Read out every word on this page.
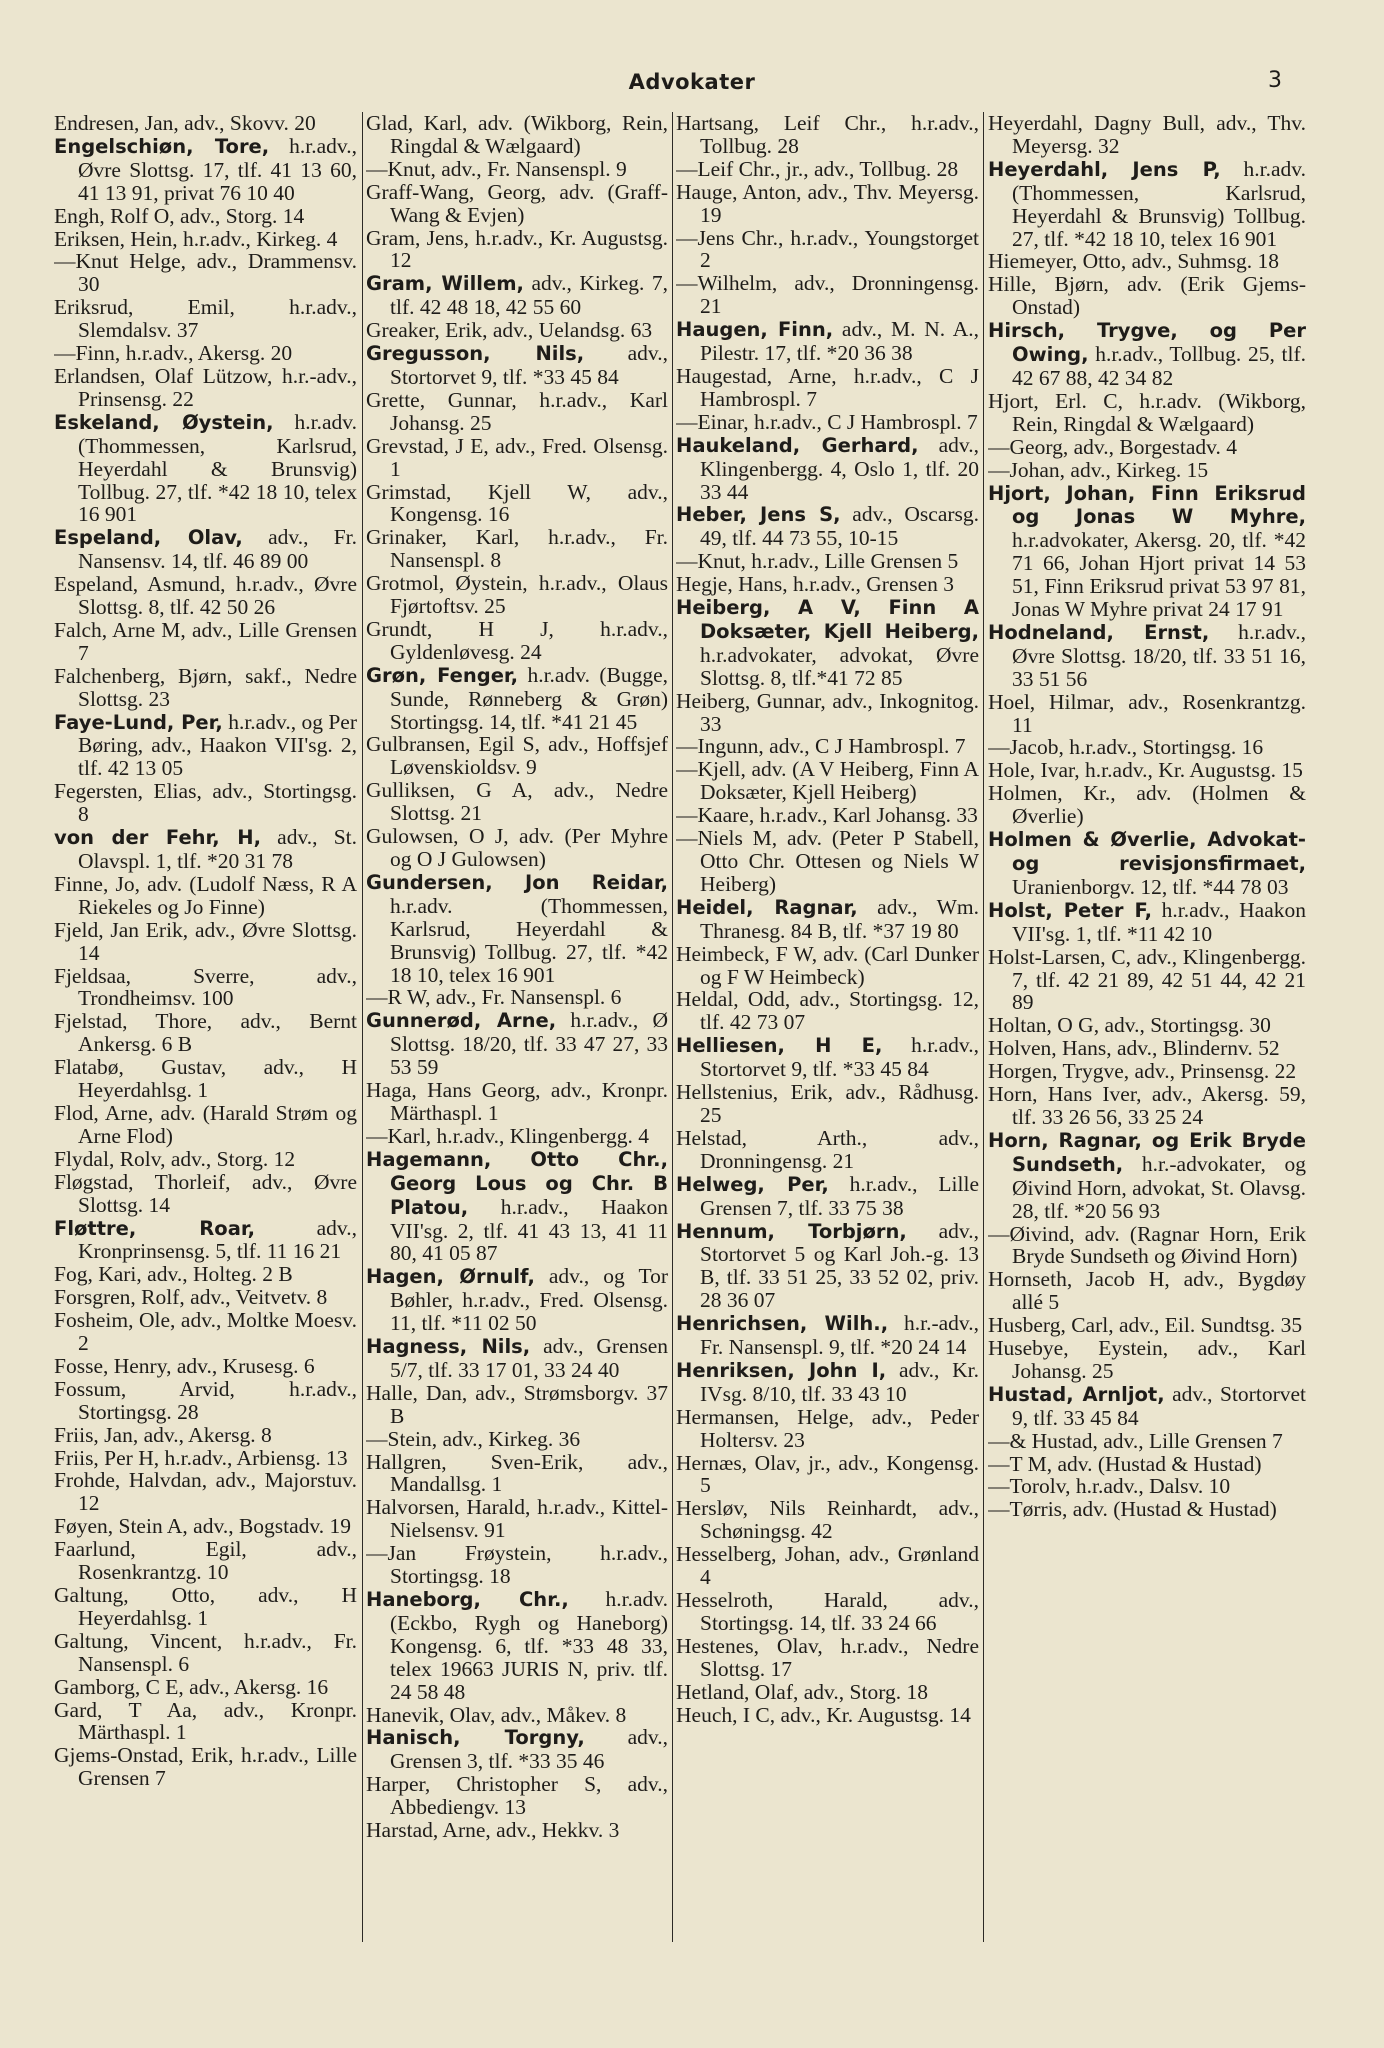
Advokater	3
Endresen, Jan, adv., Skovv. 20
Engelschiøn, Tore, h.r.adv., Øvre Slottsg. 17, tlf. 41 13 60, 41 13 91, privat 76 10 40
Engh, Rolf O, adv., Storg. 14
Eriksen, Hein, h.r.adv., Kirkeg. 4
—Knut Helge, adv., Drammensv. 30
Eriksrud, Emil,	h.r.adv., Slemdalsv. 37
—Finn, h.r.adv., Akersg. 20
Erlandsen, Olaf Lützow, h.r.-adv., Prinsensg. 22
Eskeland, Øystein, h.r.adv. (Thommessen, Karlsrud, Heyerdahl & Brunsvig) Tollbug. 27, tlf. *42 18 10, telex 16 901
Espeland, Olav, adv., Fr. Nansensv. 14, tlf. 46 89 00
Espeland, Asmund, h.r.adv., Øvre Slottsg. 8, tlf. 42 50 26
Falch, Arne M, adv., Lille Grensen 7
Falchenberg, Bjørn, sakf., Nedre Slottsg. 23
Faye-Lund, Per, h.r.adv., og Per Børing, adv., Haakon VII'sg. 2, tlf. 42 13 05
Fegersten, Elias, adv., Stortingsg. 8
von der Fehr, H, adv., St. Olavspl. 1, tlf. *20 31 78
Finne, Jo, adv. (Ludolf Næss, R A Riekeles og Jo Finne)
Fjeld, Jan Erik, adv., Øvre Slottsg. 14
Fjeldsaa, Sverre,	adv., Trondheimsv. 100
Fjelstad, Thore, adv., Bernt Ankersg. 6 B
Flatabø, Gustav, adv., H Heyerdahlsg. 1
Flod, Arne, adv. (Harald Strøm og Arne Flod)
Flydal, Rolv, adv., Storg. 12
Fløgstad, Thorleif, adv., Øvre Slottsg. 14
Fløttre, Roar,	adv., Kronprinsensg. 5, tlf. 11 16 21
Fog, Kari, adv., Holteg. 2 B
Forsgren, Rolf, adv., Veitvetv. 8
Fosheim, Ole, adv., Moltke Moesv. 2
Fosse, Henry, adv., Krusesg. 6
Fossum, Arvid,	h.r.adv., Stortingsg. 28
Friis, Jan, adv., Akersg. 8
Friis, Per H, h.r.adv., Arbiensg. 13
Frohde, Halvdan, adv., Majorstuv. 12
Føyen, Stein A, adv., Bogstadv. 19
Faarlund, Egil,	adv., Rosenkrantzg. 10
Galtung, Otto, adv., H Heyerdahlsg. 1
Galtung, Vincent, h.r.adv., Fr. Nansenspl. 6
Gamborg, C E, adv., Akersg. 16
Gard, T Aa, adv., Kronpr. Märthaspl. 1
Gjems-Onstad, Erik, h.r.adv., Lille Grensen 7
Glad, Karl, adv. (Wikborg, Rein, Ringdal & Wælgaard)
—Knut, adv., Fr. Nansenspl. 9
Graff-Wang, Georg, adv. (Graff-Wang & Evjen)
Gram, Jens, h.r.adv., Kr. Augustsg. 12
Gram, Willem, adv., Kirkeg. 7, tlf. 42 48 18, 42 55 60
Greaker, Erik, adv., Uelandsg. 63
Gregusson, Nils, adv., Stortorvet 9, tlf. *33 45 84
Grette, Gunnar, h.r.adv., Karl Johansg. 25
Grevstad, J E, adv., Fred. Olsensg. 1
Grimstad, Kjell W, adv., Kongensg. 16
Grinaker, Karl, h.r.adv., Fr. Nansenspl. 8
Grotmol, Øystein, h.r.adv., Olaus Fjørtoftsv. 25
Grundt, H J, h.r.adv., Gyldenløvesg. 24
Grøn, Fenger, h.r.adv. (Bugge, Sunde, Rønneberg & Grøn) Stortingsg. 14, tlf. *41 21 45
Gulbransen, Egil S, adv., Hoffsjef Løvenskioldsv. 9
Gulliksen, G A, adv., Nedre Slottsg. 21
Gulowsen, O J, adv. (Per Myhre og O J Gulowsen)
Gundersen, Jon Reidar, h.r.adv. (Thommessen, Karlsrud, Heyerdahl & Brunsvig) Tollbug. 27, tlf. *42 18 10, telex 16 901
—R W, adv., Fr. Nansenspl. 6
Gunnerød, Arne, h.r.adv., Ø Slottsg. 18/20, tlf. 33 47 27, 33 53 59
Haga, Hans Georg, adv., Kronpr. Märthaspl. 1
—Karl, h.r.adv., Klingenbergg. 4
Hagemann, Otto Chr., Georg Lous og Chr. B Platou, h.r.adv., Haakon VII'sg. 2, tlf. 41 43 13, 41 11 80, 41 05 87
Hagen, Ørnulf, adv., og Tor Bøhler, h.r.adv., Fred. Olsensg. 11, tlf. *11 02 50
Hagness, Nils, adv., Grensen 5/7, tlf. 33 17 01, 33 24 40
Halle, Dan, adv., Strømsborgv. 37 B
—Stein, adv., Kirkeg. 36
Hallgren, Sven-Erik, adv., Mandallsg. 1
Halvorsen, Harald, h.r.adv., Kittel-Nielsensv. 91
—Jan Frøystein, h.r.adv., Stortingsg. 18
Haneborg, Chr., h.r.adv. (Eckbo, Rygh og Haneborg) Kongensg. 6, tlf. *33 48 33, telex 19663 JURIS N, priv. tlf. 24 58 48
Hanevik, Olav, adv., Måkev. 8
Hanisch, Torgny, adv., Grensen 3, tlf. *33 35 46
Harper, Christopher S, adv., Abbediengv. 13
Harstad, Arne, adv., Hekkv. 3
Hartsang, Leif Chr., h.r.adv., Tollbug. 28
—Leif Chr., jr., adv., Tollbug. 28
Hauge, Anton, adv., Thv. Meyersg. 19
—Jens Chr., h.r.adv., Youngstorget 2
—Wilhelm, adv., Dronningensg. 21
Haugen, Finn, adv., M. N. A., Pilestr. 17, tlf. *20 36 38
Haugestad, Arne, h.r.adv., C J Hambrospl. 7
—Einar, h.r.adv., C J Hambrospl. 7
Haukeland, Gerhard, adv., Klingenbergg. 4, Oslo 1, tlf. 20 33 44
Heber, Jens S, adv., Oscarsg. 49, tlf. 44 73 55, 10-15
—Knut, h.r.adv., Lille Grensen 5
Hegje, Hans, h.r.adv., Grensen 3
Heiberg, A V, Finn A Doksæter, Kjell Heiberg, h.r.advokater, advokat, Øvre Slottsg. 8, tlf.*41 72 85
Heiberg, Gunnar, adv., Inkognitog. 33
—Ingunn, adv., C J Hambrospl. 7
—Kjell, adv. (A V Heiberg, Finn A Doksæter, Kjell Heiberg)
—Kaare, h.r.adv., Karl Johansg. 33
—Niels M, adv. (Peter P Stabell, Otto Chr. Ottesen og Niels W Heiberg)
Heidel, Ragnar, adv., Wm. Thranesg. 84 B, tlf. *37 19 80
Heimbeck, F W, adv. (Carl Dunker og F W Heimbeck)
Heldal, Odd, adv., Stortingsg. 12, tlf. 42 73 07
Helliesen, H E, h.r.adv., Stortorvet 9, tlf. *33 45 84
Hellstenius, Erik, adv., Rådhusg. 25
Helstad, Arth.,	adv., Dronningensg. 21
Helweg, Per, h.r.adv., Lille Grensen 7, tlf. 33 75 38
Hennum, Torbjørn, adv., Stortorvet 5 og Karl Joh.-g. 13 B, tlf. 33 51 25, 33 52 02, priv. 28 36 07
Henrichsen, Wilh., h.r.-adv., Fr. Nansenspl. 9, tlf. *20 24 14
Henriksen, John I, adv., Kr. IVsg. 8/10, tlf. 33 43 10
Hermansen, Helge, adv., Peder Holtersv. 23
Hernæs, Olav, jr., adv., Kongensg. 5
Hersløv, Nils Reinhardt, adv., Schøningsg. 42
Hesselberg, Johan, adv., Grønland 4
Hesselroth, Harald, adv., Stortingsg. 14, tlf. 33 24 66
Hestenes, Olav, h.r.adv., Nedre Slottsg. 17
Hetland, Olaf, adv., Storg. 18
Heuch, I C, adv., Kr. Augustsg. 14
Heyerdahl, Dagny Bull, adv., Thv. Meyersg. 32
Heyerdahl, Jens P, h.r.adv. (Thommessen, Karlsrud, Heyerdahl & Brunsvig) Tollbug. 27, tlf. *42 18 10, telex 16 901
Hiemeyer, Otto, adv., Suhmsg. 18
Hille, Bjørn, adv. (Erik Gjems-Onstad)
Hirsch, Trygve, og Per Owing, h.r.adv., Tollbug. 25, tlf. 42 67 88, 42 34 82
Hjort, Erl. C, h.r.adv. (Wikborg, Rein, Ringdal & Wælgaard)
—Georg, adv., Borgestadv. 4
—Johan, adv., Kirkeg. 15
Hjort, Johan, Finn Eriksrud og Jonas W Myhre, h.r.advokater, Akersg. 20, tlf. *42 71 66, Johan Hjort privat 14 53 51, Finn Eriksrud privat 53 97 81, Jonas W Myhre privat 24 17 91
Hodneland, Ernst, h.r.adv., Øvre Slottsg. 18/20, tlf. 33 51 16, 33 51 56
Hoel, Hilmar, adv., Rosenkrantzg. 11
—Jacob, h.r.adv., Stortingsg. 16
Hole, Ivar, h.r.adv., Kr. Augustsg. 15
Holmen, Kr., adv. (Holmen & Øverlie)
Holmen & Øverlie, Advokat- og revisjonsfirmaet, Uranienborgv. 12, tlf. *44 78 03
Holst, Peter F, h.r.adv., Haakon VII'sg. 1, tlf. *11 42 10
Holst-Larsen, C, adv., Klingenbergg. 7, tlf. 42 21 89, 42 51 44, 42 21 89
Holtan, O G, adv., Stortingsg. 30
Holven, Hans, adv., Blindernv. 52
Horgen, Trygve, adv., Prinsensg. 22
Horn, Hans Iver, adv., Akersg. 59, tlf. 33 26 56, 33 25 24
Horn, Ragnar, og Erik Bryde Sundseth, h.r.-advokater, og Øivind Horn, advokat, St. Olavsg. 28, tlf. *20 56 93
—Øivind, adv. (Ragnar Horn, Erik Bryde Sundseth og Øivind Horn)
Hornseth, Jacob H, adv., Bygdøy allé 5
Husberg, Carl, adv., Eil. Sundtsg. 35
Husebye, Eystein, adv., Karl Johansg. 25
Hustad, Arnljot, adv., Stortorvet 9, tlf. 33 45 84
—& Hustad, adv., Lille Grensen 7
—T M, adv. (Hustad & Hustad)
—Torolv, h.r.adv., Dalsv. 10
—Tørris, adv. (Hustad & Hustad)
